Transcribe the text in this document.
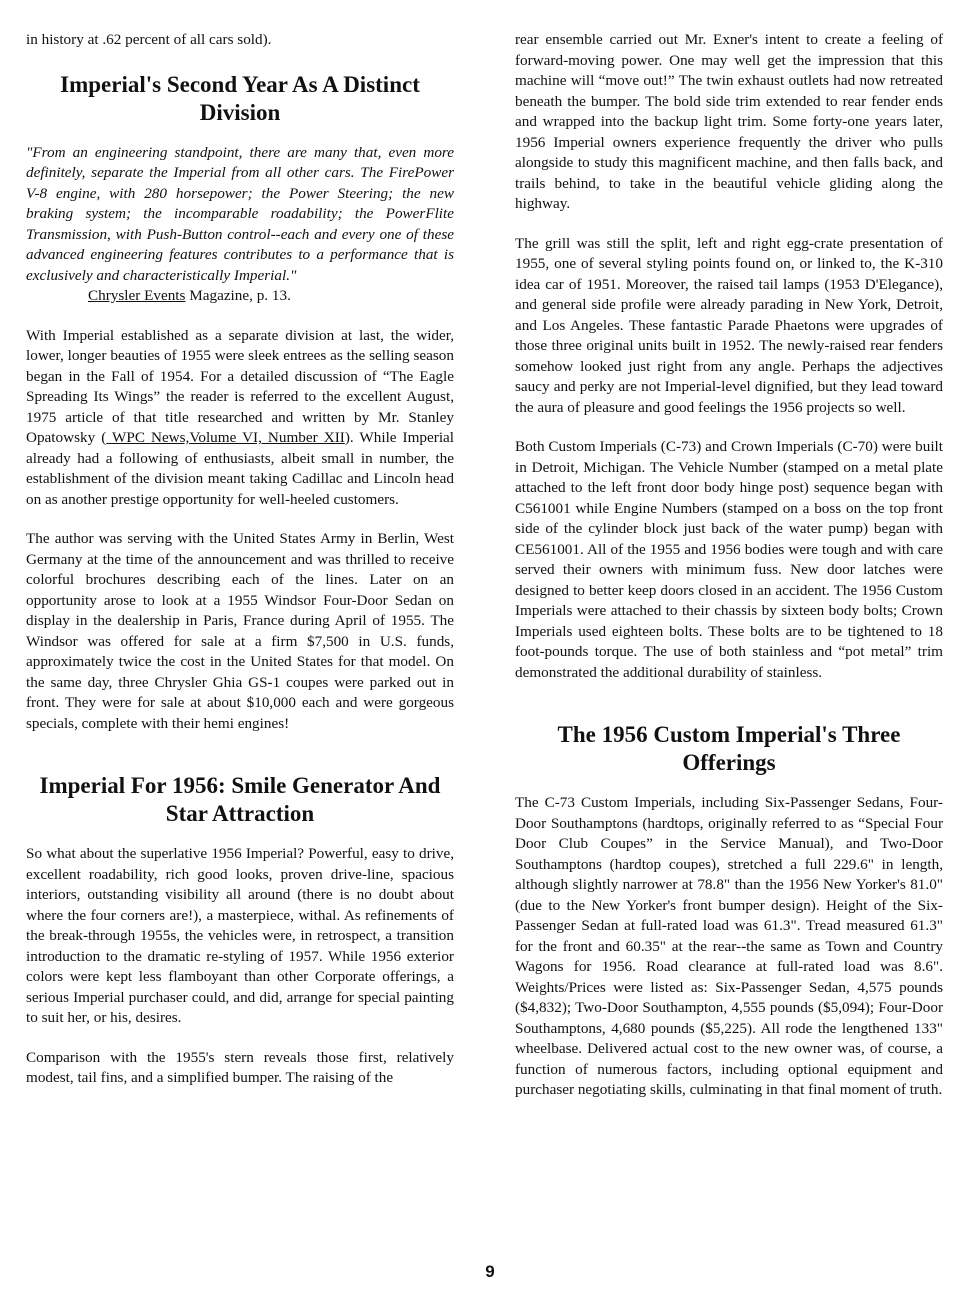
in history at .62 percent of all cars sold).

Imperial's Second Year As A Distinct Division

"From an engineering standpoint, there are many that, even more definitely, separate the Imperial from all other cars. The FirePower V-8 engine, with 280 horsepower; the Power Steering; the new braking system; the incomparable roadability; the PowerFlite Transmission, with Push-Button control--each and every one of these advanced engineering features contributes to a performance that is exclusively and characteristically Imperial."

Chrysler Events Magazine, p. 13.

With Imperial established as a separate division at last, the wider, lower, longer beauties of 1955 were sleek entrees as the selling season began in the Fall of 1954. For a detailed discussion of “The Eagle Spreading Its Wings” the reader is referred to the excellent August, 1975 article of that title researched and written by Mr. Stanley Opatowsky ( WPC News,Volume VI, Number XII). While Imperial already had a following of enthusiasts, albeit small in number, the establishment of the division meant taking Cadillac and Lincoln head on as another prestige opportunity for well-heeled customers.

The author was serving with the United States Army in Berlin, West Germany at the time of the announcement and was thrilled to receive colorful brochures describing each of the lines. Later on an opportunity arose to look at a 1955 Windsor Four-Door Sedan on display in the dealership in Paris, France during April of 1955. The Windsor was offered for sale at a firm $7,500 in U.S. funds, approximately twice the cost in the United States for that model. On the same day, three Chrysler Ghia GS-1 coupes were parked out in front. They were for sale at about $10,000 each and were gorgeous specials, complete with their hemi engines!

Imperial For 1956: Smile Generator And Star Attraction

So what about the superlative 1956 Imperial? Powerful, easy to drive, excellent roadability, rich good looks, proven drive-line, spacious interiors, outstanding visibility all around (there is no doubt about where the four corners are!), a masterpiece, withal. As refinements of the break-through 1955s, the vehicles were, in retrospect, a transition introduction to the dramatic re-styling of 1957. While 1956 exterior colors were kept less flamboyant than other Corporate offerings, a serious Imperial purchaser could, and did, arrange for special painting to suit her, or his, desires.

Comparison with the 1955's stern reveals those first, relatively modest, tail fins, and a simplified bumper. The raising of the

rear ensemble carried out Mr. Exner's intent to create a feeling of forward-moving power. One may well get the impression that this machine will “move out!” The twin exhaust outlets had now retreated beneath the bumper. The bold side trim extended to rear fender ends and wrapped into the backup light trim. Some forty-one years later, 1956 Imperial owners experience frequently the driver who pulls alongside to study this magnificent machine, and then falls back, and trails behind, to take in the beautiful vehicle gliding along the highway.

The grill was still the split, left and right egg-crate presentation of 1955, one of several styling points found on, or linked to, the K-310 idea car of 1951. Moreover, the raised tail lamps (1953 D'Elegance), and general side profile were already parading in New York, Detroit, and Los Angeles. These fantastic Parade Phaetons were upgrades of those three original units built in 1952. The newly-raised rear fenders somehow looked just right from any angle. Perhaps the adjectives saucy and perky are not Imperial-level dignified, but they lead toward the aura of pleasure and good feelings the 1956 projects so well.

Both Custom Imperials (C-73) and Crown Imperials (C-70) were built in Detroit, Michigan. The Vehicle Number (stamped on a metal plate attached to the left front door body hinge post) sequence began with C561001 while Engine Numbers (stamped on a boss on the top front side of the cylinder block just back of the water pump) began with CE561001. All of the 1955 and 1956 bodies were tough and with care served their owners with minimum fuss. New door latches were designed to better keep doors closed in an accident. The 1956 Custom Imperials were attached to their chassis by sixteen body bolts; Crown Imperials used eighteen bolts. These bolts are to be tightened to 18 foot-pounds torque. The use of both stainless and “pot metal” trim demonstrated the additional durability of stainless.

The 1956 Custom Imperial's Three Offerings

The C-73 Custom Imperials, including Six-Passenger Sedans, Four-Door Southamptons (hardtops, originally referred to as “Special Four Door Club Coupes” in the Service Manual), and Two-Door Southamptons (hardtop coupes), stretched a full 229.6" in length, although slightly narrower at 78.8" than the 1956 New Yorker's 81.0" (due to the New Yorker's front bumper design). Height of the Six-Passenger Sedan at full-rated load was 61.3". Tread measured 61.3" for the front and 60.35" at the rear--the same as Town and Country Wagons for 1956. Road clearance at full-rated load was 8.6". Weights/Prices were listed as: Six-Passenger Sedan, 4,575 pounds ($4,832); Two-Door Southampton, 4,555 pounds ($5,094); Four-Door Southamptons, 4,680 pounds ($5,225). All rode the lengthened 133" wheelbase. Delivered actual cost to the new owner was, of course, a function of numerous factors, including optional equipment and purchaser negotiating skills, culminating in that final moment of truth.

9
